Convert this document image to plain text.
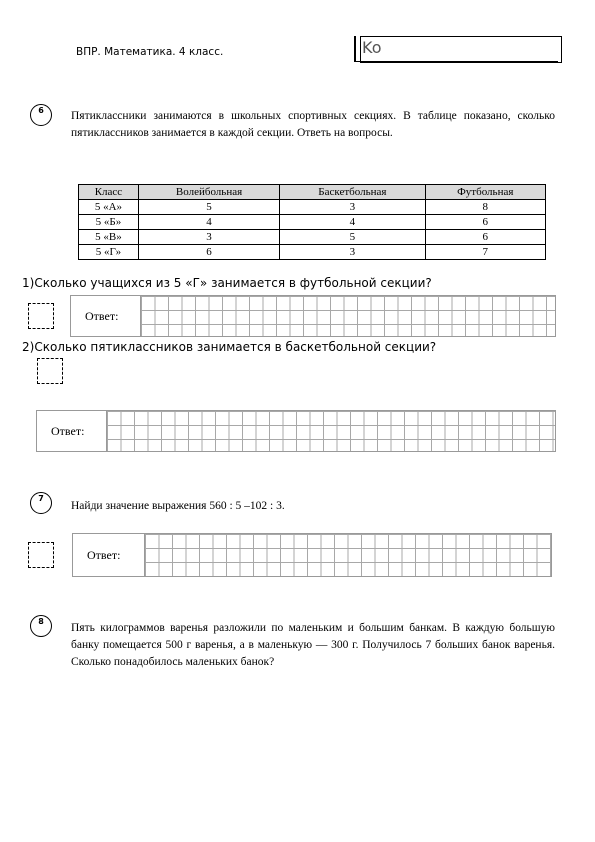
ВПР. Математика. 4 класс.	Ko
6	Пятиклассники занимаются в школьных спортивных секциях. В таблице показано, сколько пятиклассников занимается в каждой секции. Ответь на вопросы.
Класс	Волейбольная	Баскетбольная	Футбольная
5 «А»	5	3	8
5 «Б»	4	4	6
5 «В»	3	5	6
5 «Г»	6	3	7
1)Сколько учащихся из 5 «Г» занимается в футбольной секции?
Ответ:
2)Сколько пятиклассников занимается в баскетбольной секции?
Ответ:
7
Найди значение выражения 560 : 5 –102 : 3.
Ответ:
8
Пять килограммов варенья разложили по маленьким и большим банкам. В каждую большую банку помещается 500 г варенья, а в маленькую — 300 г. Получилось 7 больших банок варенья. Сколько понадобилось маленьких банок?
